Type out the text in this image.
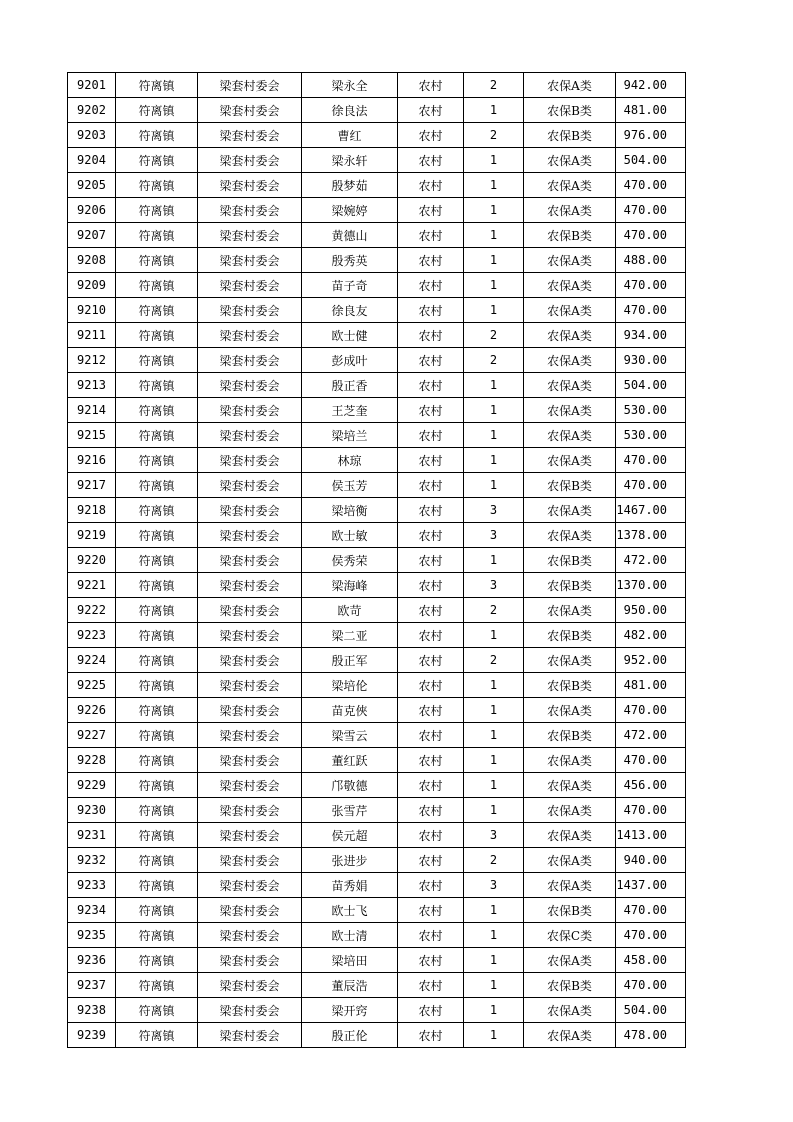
9201	符离镇	梁套村委会	梁永全	农村	2	农保A类	942.00
9202	符离镇	梁套村委会	徐良法	农村	1	农保B类	481.00
9203	符离镇	梁套村委会	曹红	农村	2	农保B类	976.00
9204	符离镇	梁套村委会	梁永轩	农村	1	农保A类	504.00
9205	符离镇	梁套村委会	殷梦茹	农村	1	农保A类	470.00
9206	符离镇	梁套村委会	梁婉婷	农村	1	农保A类	470.00
9207	符离镇	梁套村委会	黄德山	农村	1	农保B类	470.00
9208	符离镇	梁套村委会	殷秀英	农村	1	农保A类	488.00
9209	符离镇	梁套村委会	苗子奇	农村	1	农保A类	470.00
9210	符离镇	梁套村委会	徐良友	农村	1	农保A类	470.00
9211	符离镇	梁套村委会	欧士健	农村	2	农保A类	934.00
9212	符离镇	梁套村委会	彭成叶	农村	2	农保A类	930.00
9213	符离镇	梁套村委会	殷正香	农村	1	农保A类	504.00
9214	符离镇	梁套村委会	王芝奎	农村	1	农保A类	530.00
9215	符离镇	梁套村委会	梁培兰	农村	1	农保A类	530.00
9216	符离镇	梁套村委会	林琼	农村	1	农保A类	470.00
9217	符离镇	梁套村委会	侯玉芳	农村	1	农保B类	470.00
9218	符离镇	梁套村委会	梁培衡	农村	3	农保A类	1467.00
9219	符离镇	梁套村委会	欧士敏	农村	3	农保A类	1378.00
9220	符离镇	梁套村委会	侯秀荣	农村	1	农保B类	472.00
9221	符离镇	梁套村委会	梁海峰	农村	3	农保B类	1370.00
9222	符离镇	梁套村委会	欧苛	农村	2	农保A类	950.00
9223	符离镇	梁套村委会	梁二亚	农村	1	农保B类	482.00
9224	符离镇	梁套村委会	殷正军	农村	2	农保A类	952.00
9225	符离镇	梁套村委会	梁培伦	农村	1	农保B类	481.00
9226	符离镇	梁套村委会	苗克俠	农村	1	农保A类	470.00
9227	符离镇	梁套村委会	梁雪云	农村	1	农保B类	472.00
9228	符离镇	梁套村委会	董红跃	农村	1	农保A类	470.00
9229	符离镇	梁套村委会	邝敬德	农村	1	农保A类	456.00
9230	符离镇	梁套村委会	张雪芹	农村	1	农保A类	470.00
9231	符离镇	梁套村委会	侯元超	农村	3	农保A类	1413.00
9232	符离镇	梁套村委会	张进步	农村	2	农保A类	940.00
9233	符离镇	梁套村委会	苗秀娟	农村	3	农保A类	1437.00
9234	符离镇	梁套村委会	欧士飞	农村	1	农保B类	470.00
9235	符离镇	梁套村委会	欧士清	农村	1	农保C类	470.00
9236	符离镇	梁套村委会	梁培田	农村	1	农保A类	458.00
9237	符离镇	梁套村委会	董辰浩	农村	1	农保B类	470.00
9238	符离镇	梁套村委会	梁开窍	农村	1	农保A类	504.00
9239	符离镇	梁套村委会	殷正伦	农村	1	农保A类	478.00
